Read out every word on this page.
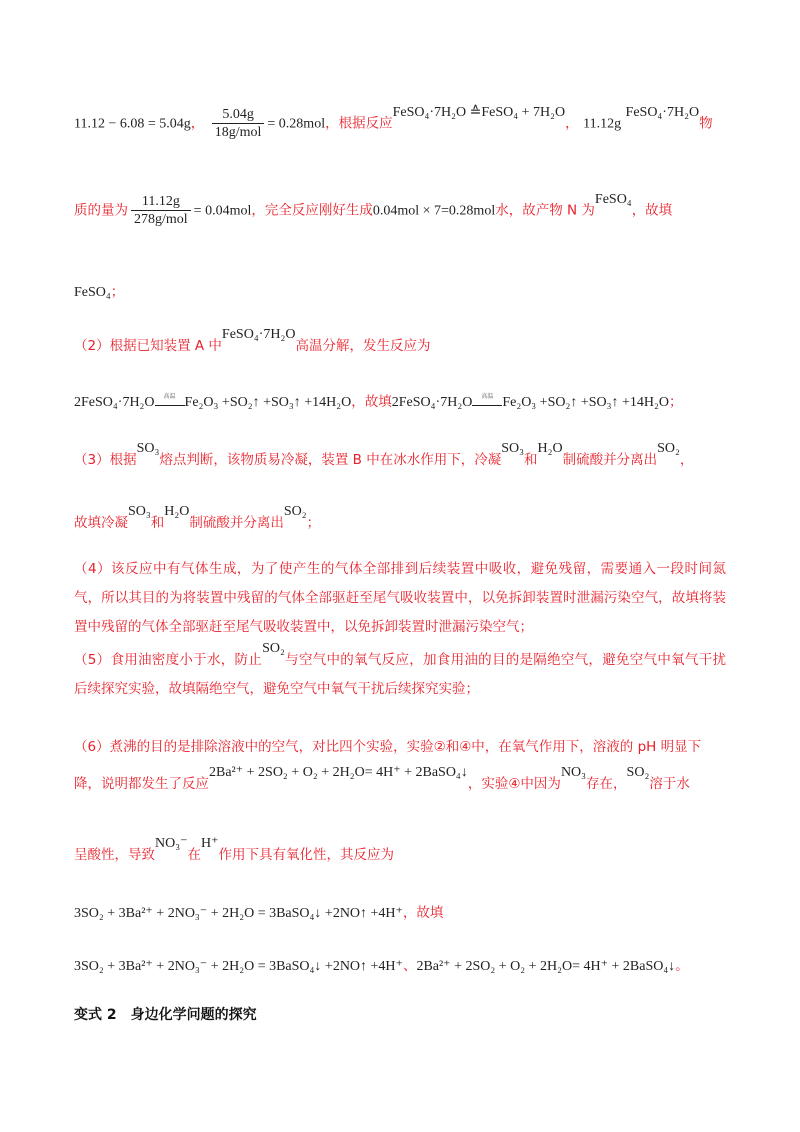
11.12 − 6.08 = 5.04g， $\frac{5.04g}{\text{18g/mol}} = 0.28mol$，根据反应FeSO₄·7H₂O ≙FeSO₄ + 7H₂O， 11.12g FeSO₄·7H₂O物
质的量为 $\frac{11.12g}{\text{278g/mol}} = 0.04mol$，完全反应刚好生成0.04mol × 7=0.28mol水，故产物 N 为FeSO₄，故填
FeSO₄；
（2）根据已知装置 A 中FeSO₄·7H₂O高温分解，发生反应为
2FeSO₄·7H₂O	高温 Fe₂O₃ +SO₂↑ +SO₃↑ +14H₂O，故填2FeSO₄·7H₂O	高温 Fe₂O₃ +SO₂↑ +SO₃↑ +14H₂O；
（3）根据SO₃熔点判断，该物质易冷凝，装置 B 中在冰水作用下，冷凝SO₃和H₂O制硫酸并分离出SO₂，
故填冷凝SO₃和H₂O制硫酸并分离出SO₂；
（4）该反应中有气体生成，为了使产生的气体全部排到后续装置中吸收，避免残留，需要通入一段时间氮气，所以其目的为将装置中残留的气体全部驱赶至尾气吸收装置中，以免拆卸装置时泄漏污染空气，故填将装置中残留的气体全部驱赶至尾气吸收装置中，以免拆卸装置时泄漏污染空气；
（5）食用油密度小于水，防止SO₂与空气中的氧气反应，加食用油的目的是隔绝空气，避免空气中氧气干扰后续探究实验，故填隔绝空气，避免空气中氧气干扰后续探究实验；
（6）煮沸的目的是排除溶液中的空气，对比四个实验，实验②和④中，在氧气作用下，溶液的 pH 明显下
降，说明都发生了反应2Ba²⁺ + 2SO₂ + O₂ + 2H₂O= 4H⁺ + 2BaSO₄↓，实验④中因为NO₃存在，SO₂溶于水
呈酸性，导致NO₃⁻在H⁺作用下具有氧化性，其反应为
3SO₂ + 3Ba²⁺ + 2NO₃⁻ + 2H₂O = 3BaSO₄↓ +2NO↑ +4H⁺，故填
3SO₂ + 3Ba²⁺ + 2NO₃⁻ + 2H₂O = 3BaSO₄↓ +2NO↑ +4H⁺、2Ba²⁺ + 2SO₂ + O₂ + 2H₂O= 4H⁺ + 2BaSO₄↓。
变式 2　身边化学问题的探究
